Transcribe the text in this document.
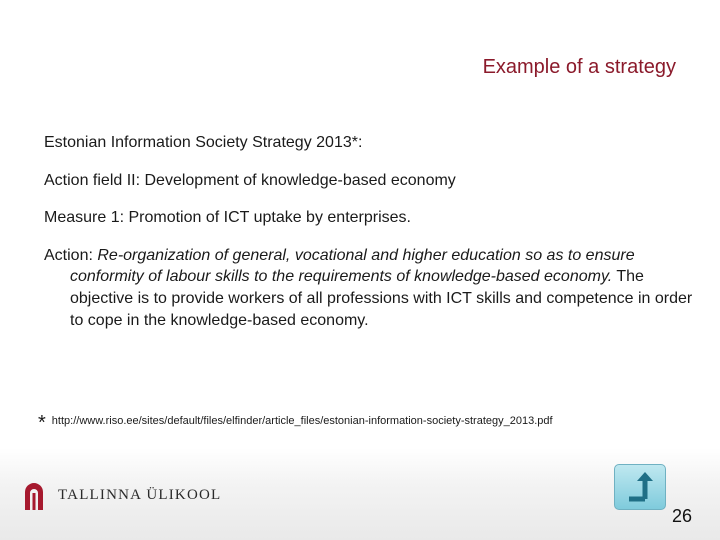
Example of a strategy

Estonian Information Society Strategy 2013*:

Action field II: Development of knowledge-based economy

Measure 1: Promotion of ICT uptake by enterprises.

Action: Re-organization of general, vocational and higher education so as to ensure conformity of labour skills to the requirements of knowledge-based economy. The objective is to provide workers of all professions with ICT skills and competence in order to cope in the knowledge-based economy.

* http://www.riso.ee/sites/default/files/elfinder/article_files/estonian-information-society-strategy_2013.pdf
TALLINNA ÜLIKOOL
26
